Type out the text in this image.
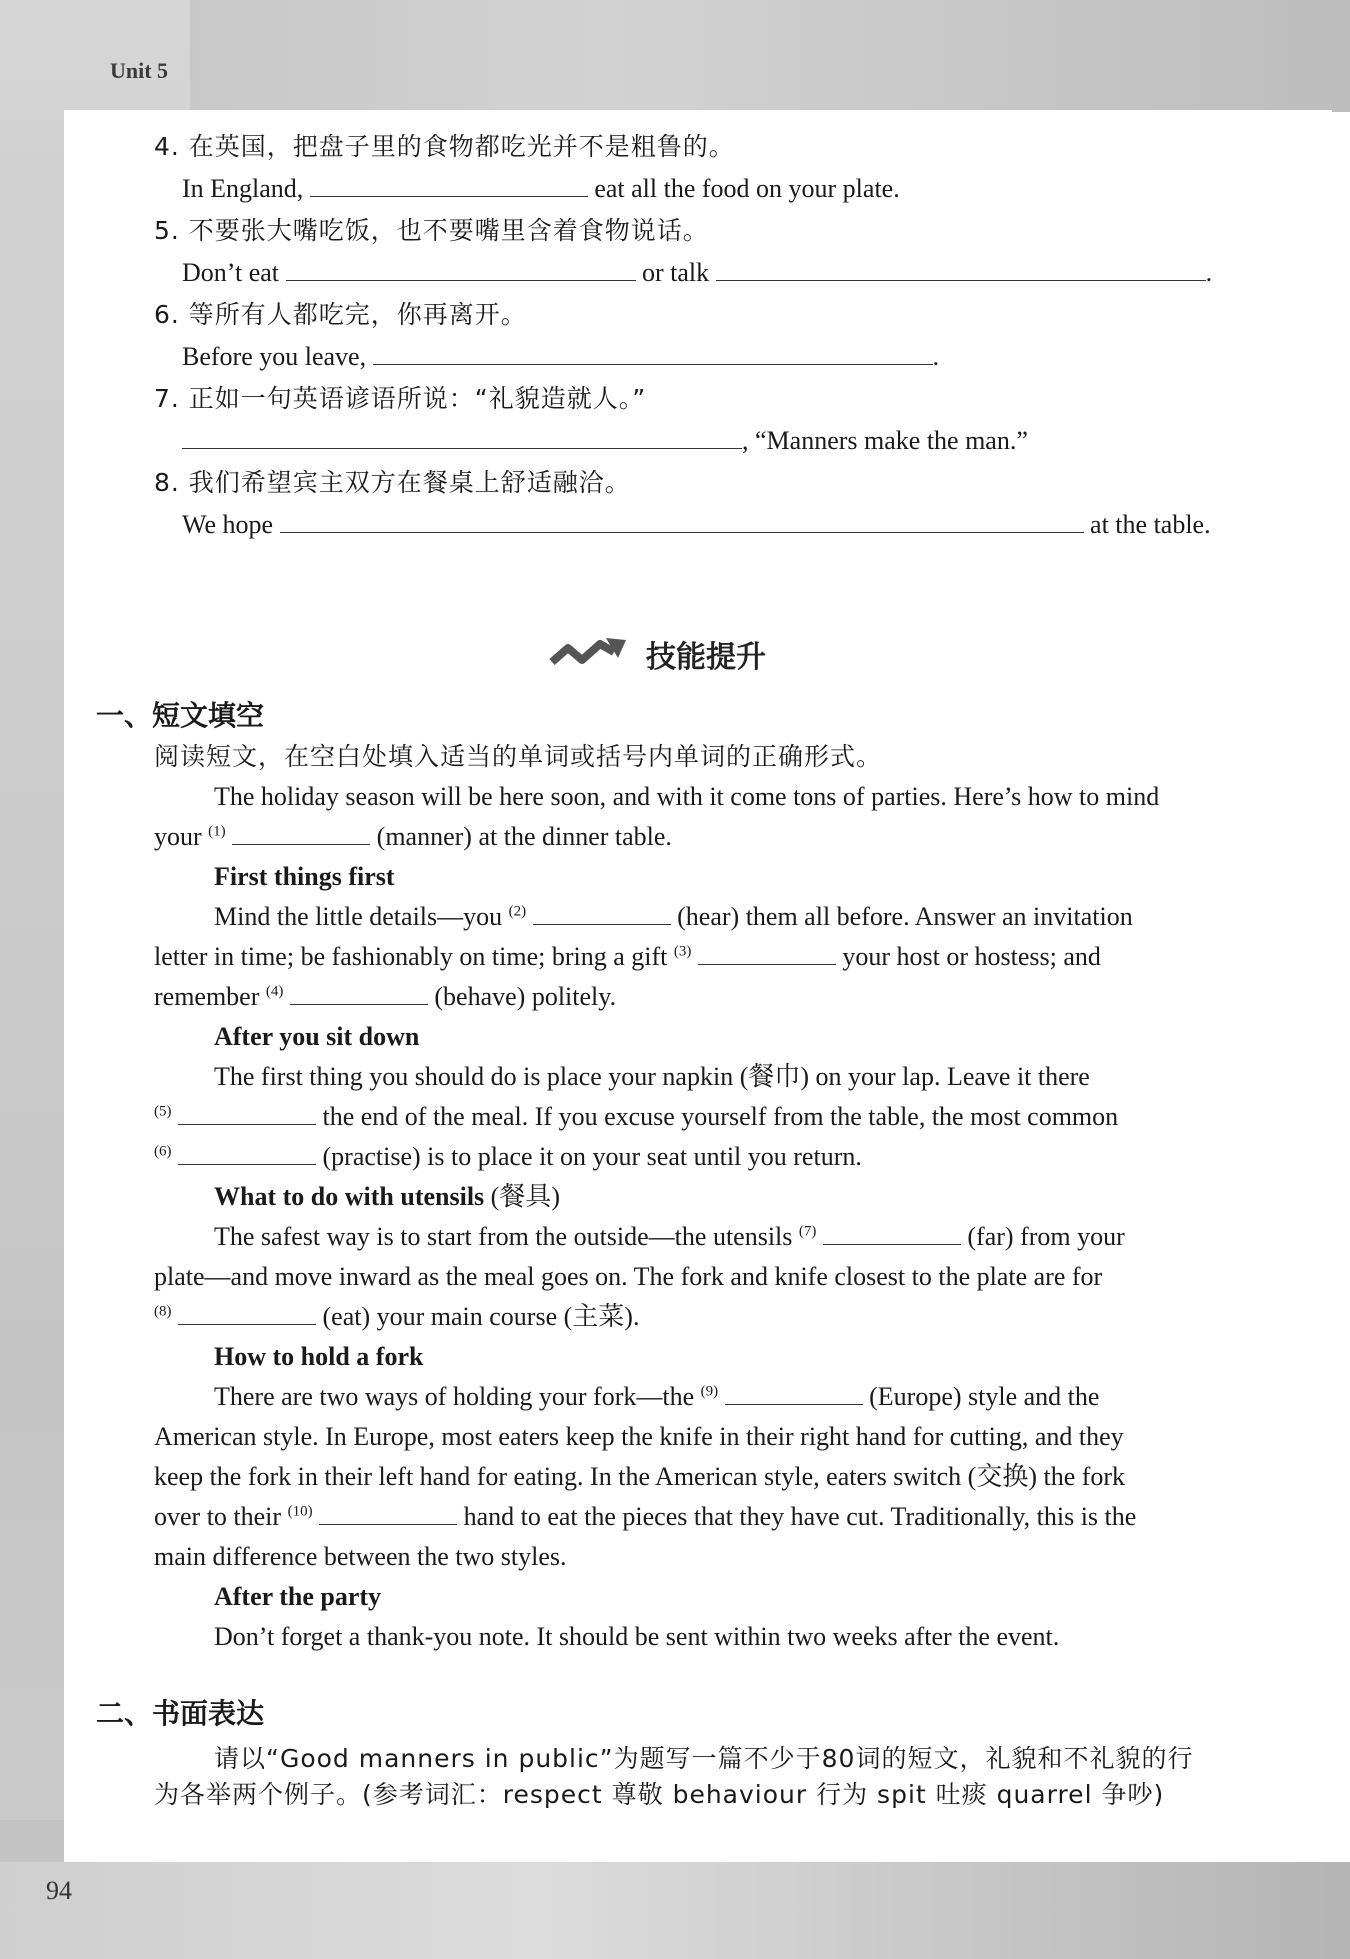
Unit 5
94
4. 在英国，把盘子里的食物都吃光并不是粗鲁的。
In England,	eat all the food on your plate.
5. 不要张大嘴吃饭，也不要嘴里含着食物说话。
Don’t eat	or talk	.
6. 等所有人都吃完，你再离开。
Before you leave,	.
7. 正如一句英语谚语所说：“礼貌造就人。”
, “Manners make the man.”
8. 我们希望宾主双方在餐桌上舒适融洽。
We hope	at the table.
技能提升
一、短文填空
阅读短文，在空白处填入适当的单词或括号内单词的正确形式。
The holiday season will be here soon, and with it come tons of parties. Here’s how to mind
your $^{(1)}$	(manner) at the dinner table.
First things first
Mind the little details—you $^{(2)}$	(hear) them all before. Answer an invitation
letter in time; be fashionably on time; bring a gift $^{(3)}$	your host or hostess; and
remember $^{(4)}$	(behave) politely.
After you sit down
The first thing you should do is place your napkin (餐巾) on your lap. Leave it there
$^{(5)}$	the end of the meal. If you excuse yourself from the table, the most common
$^{(6)}$	(practise) is to place it on your seat until you return.
What to do with utensils (餐具)
The safest way is to start from the outside—the utensils $^{(7)}$	(far) from your
plate—and move inward as the meal goes on. The fork and knife closest to the plate are for
$^{(8)}$	(eat) your main course (主菜).
How to hold a fork
There are two ways of holding your fork—the $^{(9)}$	(Europe) style and the
American style. In Europe, most eaters keep the knife in their right hand for cutting, and they
keep the fork in their left hand for eating. In the American style, eaters switch (交换) the fork
over to their $^{(10)}$	hand to eat the pieces that they have cut. Traditionally, this is the
main difference between the two styles.
After the party
Don’t forget a thank-you note. It should be sent within two weeks after the event.
二、书面表达
请以“Good manners in public”为题写一篇不少于80词的短文，礼貌和不礼貌的行
为各举两个例子。(参考词汇：respect 尊敬 behaviour 行为 spit 吐痰 quarrel 争吵)
